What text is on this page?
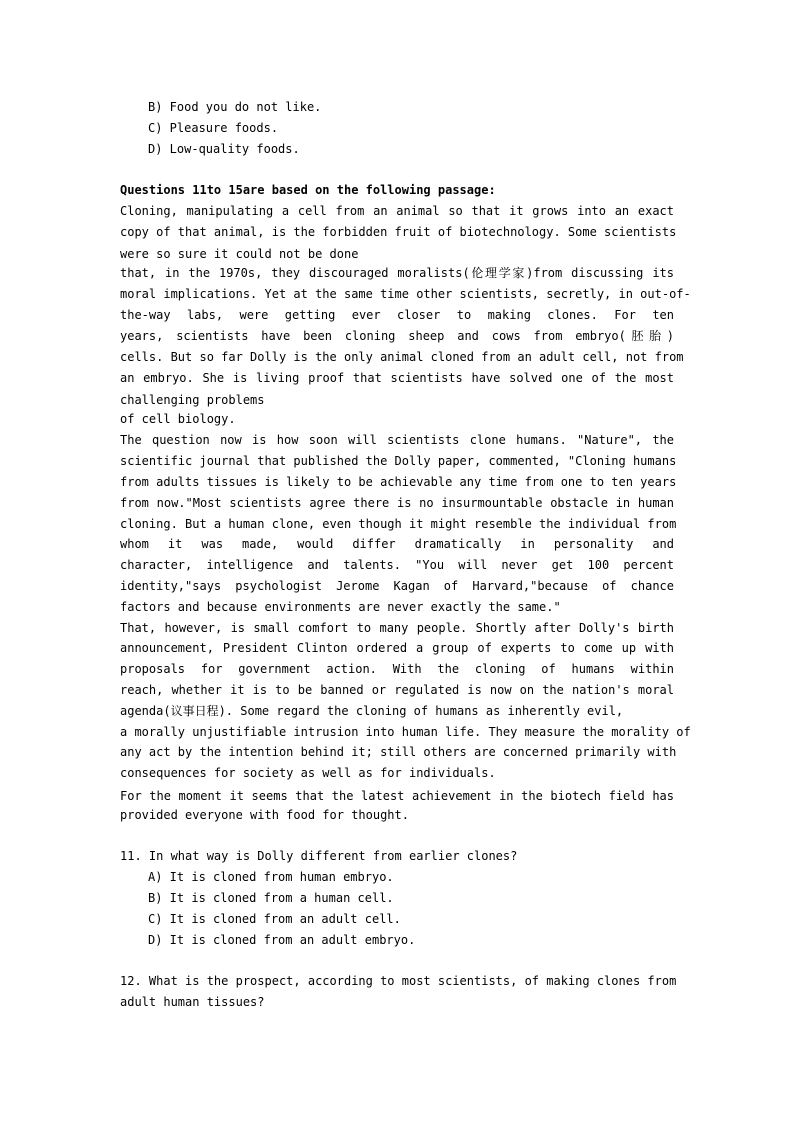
B) Food you do not like.
C) Pleasure foods.
D) Low-quality foods.
Questions 11to 15are based on the following passage:
Cloning, manipulating a cell from an animal so that it grows into an exact
copy of that animal, is the forbidden fruit of biotechnology. Some scientists
were so sure it could not be done
that, in the 1970s, they discouraged moralists(伦理学家)from discussing its
moral implications. Yet at the same time other scientists, secretly, in out-of-
the-way labs, were getting ever closer to making clones. For ten
years, scientists have been cloning sheep and cows from embryo(胚胎)
cells. But so far Dolly is the only animal cloned from an adult cell, not from
an embryo. She is living proof that scientists have solved one of the most
challenging problems
of cell biology.
The question now is how soon will scientists clone humans. "Nature", the
scientific journal that published the Dolly paper, commented, "Cloning humans
from adults tissues is likely to be achievable any time from one to ten years
from now."Most scientists agree there is no insurmountable obstacle in human
cloning. But a human clone, even though it might resemble the individual from
whom it was made, would differ dramatically in personality and
character, intelligence and talents. "You will never get 100 percent
identity,"says psychologist Jerome Kagan of Harvard,"because of chance
factors and because environments are never exactly the same."
That, however, is small comfort to many people. Shortly after Dolly's birth
announcement, President Clinton ordered a group of experts to come up with
proposals for government action. With the cloning of humans within
reach, whether it is to be banned or regulated is now on the nation's moral
agenda(议事日程). Some regard the cloning of humans as inherently evil,
a morally unjustifiable intrusion into human life. They measure the morality of
any act by the intention behind it; still others are concerned primarily with
consequences for society as well as for individuals.
For the moment it seems that the latest achievement in the biotech field has
provided everyone with food for thought.
11. In what way is Dolly different from earlier clones?
A) It is cloned from human embryo.
B) It is cloned from a human cell.
C) It is cloned from an adult cell.
D) It is cloned from an adult embryo.
12. What is the prospect, according to most scientists, of making clones from
adult human tissues?
